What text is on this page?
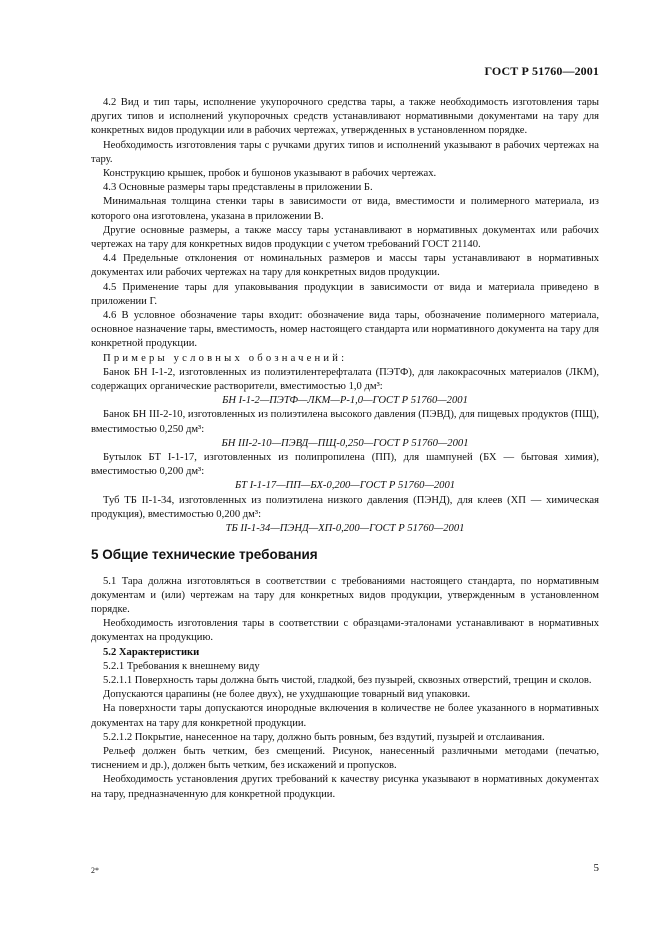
ГОСТ Р 51760—2001

4.2 Вид и тип тары, исполнение укупорочного средства тары, а также необходимость изготовления тары других типов и исполнений укупорочных средств устанавливают нормативными документами на тару для конкретных видов продукции или в рабочих чертежах, утвержденных в установленном порядке.

Необходимость изготовления тары с ручками других типов и исполнений указывают в рабочих чертежах на тару.

Конструкцию крышек, пробок и бушонов указывают в рабочих чертежах.

4.3 Основные размеры тары представлены в приложении Б.

Минимальная толщина стенки тары в зависимости от вида, вместимости и полимерного материала, из которого она изготовлена, указана в приложении В.

Другие основные размеры, а также массу тары устанавливают в нормативных документах или рабочих чертежах на тару для конкретных видов продукции с учетом требований ГОСТ 21140.

4.4 Предельные отклонения от номинальных размеров и массы тары устанавливают в нормативных документах или рабочих чертежах на тару для конкретных видов продукции.

4.5 Применение тары для упаковывания продукции в зависимости от вида и материала приведено в приложении Г.

4.6 В условное обозначение тары входит: обозначение вида тары, обозначение полимерного материала, основное назначение тары, вместимость, номер настоящего стандарта или нормативного документа на тару для конкретной продукции.

Примеры условных обозначений:

Банок БН I-1-2, изготовленных из полиэтилентерефталата (ПЭТФ), для лакокрасочных материалов (ЛКМ), содержащих органические растворители, вместимостью 1,0 дм³:

БН I-1-2—ПЭТФ—ЛКМ—Р-1,0—ГОСТ Р 51760—2001

Банок БН III-2-10, изготовленных из полиэтилена высокого давления (ПЭВД), для пищевых продуктов (ПЩ), вместимостью 0,250 дм³:

БН III-2-10—ПЭВД—ПЩ-0,250—ГОСТ Р 51760—2001

Бутылок БТ I-1-17, изготовленных из полипропилена (ПП), для шампуней (БХ — бытовая химия), вместимостью 0,200 дм³:

БТ I-1-17—ПП—БХ-0,200—ГОСТ Р 51760—2001

Туб ТБ II-1-34, изготовленных из полиэтилена низкого давления (ПЭНД), для клеев (ХП — химическая продукция), вместимостью 0,200 дм³:

ТБ II-1-34—ПЭНД—ХП-0,200—ГОСТ Р 51760—2001

5 Общие технические требования

5.1 Тара должна изготовляться в соответствии с требованиями настоящего стандарта, по нормативным документам и (или) чертежам на тару для конкретных видов продукции, утвержденным в установленном порядке.

Необходимость изготовления тары в соответствии с образцами-эталонами устанавливают в нормативных документах на продукцию.

5.2 Характеристики

5.2.1 Требования к внешнему виду

5.2.1.1 Поверхность тары должна быть чистой, гладкой, без пузырей, сквозных отверстий, трещин и сколов.

Допускаются царапины (не более двух), не ухудшающие товарный вид упаковки.

На поверхности тары допускаются инородные включения в количестве не более указанного в нормативных документах на тару для конкретной продукции.

5.2.1.2 Покрытие, нанесенное на тару, должно быть ровным, без вздутий, пузырей и отслаивания.

Рельеф должен быть четким, без смещений. Рисунок, нанесенный различными методами (печатью, тиснением и др.), должен быть четким, без искажений и пропусков.

Необходимость установления других требований к качеству рисунка указывают в нормативных документах на тару, предназначенную для конкретной продукции.

2*	5
